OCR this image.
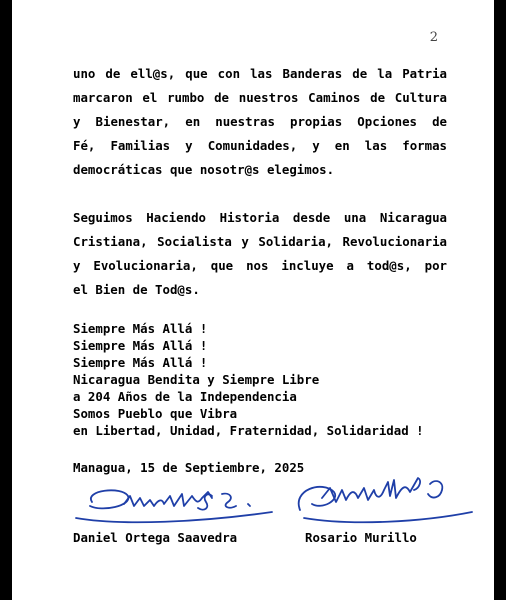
2
uno de ell@s, que con las Banderas de la Patria
marcaron el rumbo de nuestros Caminos de Cultura
y Bienestar, en nuestras propias Opciones de
Fé, Familias y Comunidades, y en las formas
democráticas que nosotr@s elegimos.
Seguimos Haciendo Historia desde una Nicaragua
Cristiana, Socialista y Solidaria, Revolucionaria
y Evolucionaria, que nos incluye a tod@s, por
el Bien de Tod@s.
Siempre Más Allá !
Siempre Más Allá !
Siempre Más Allá !
Nicaragua Bendita y Siempre Libre
a 204 Años de la Independencia
Somos Pueblo que Vibra
en Libertad, Unidad, Fraternidad, Solidaridad !
Managua, 15 de Septiembre, 2025
Daniel Ortega Saavedra	Rosario Murillo
